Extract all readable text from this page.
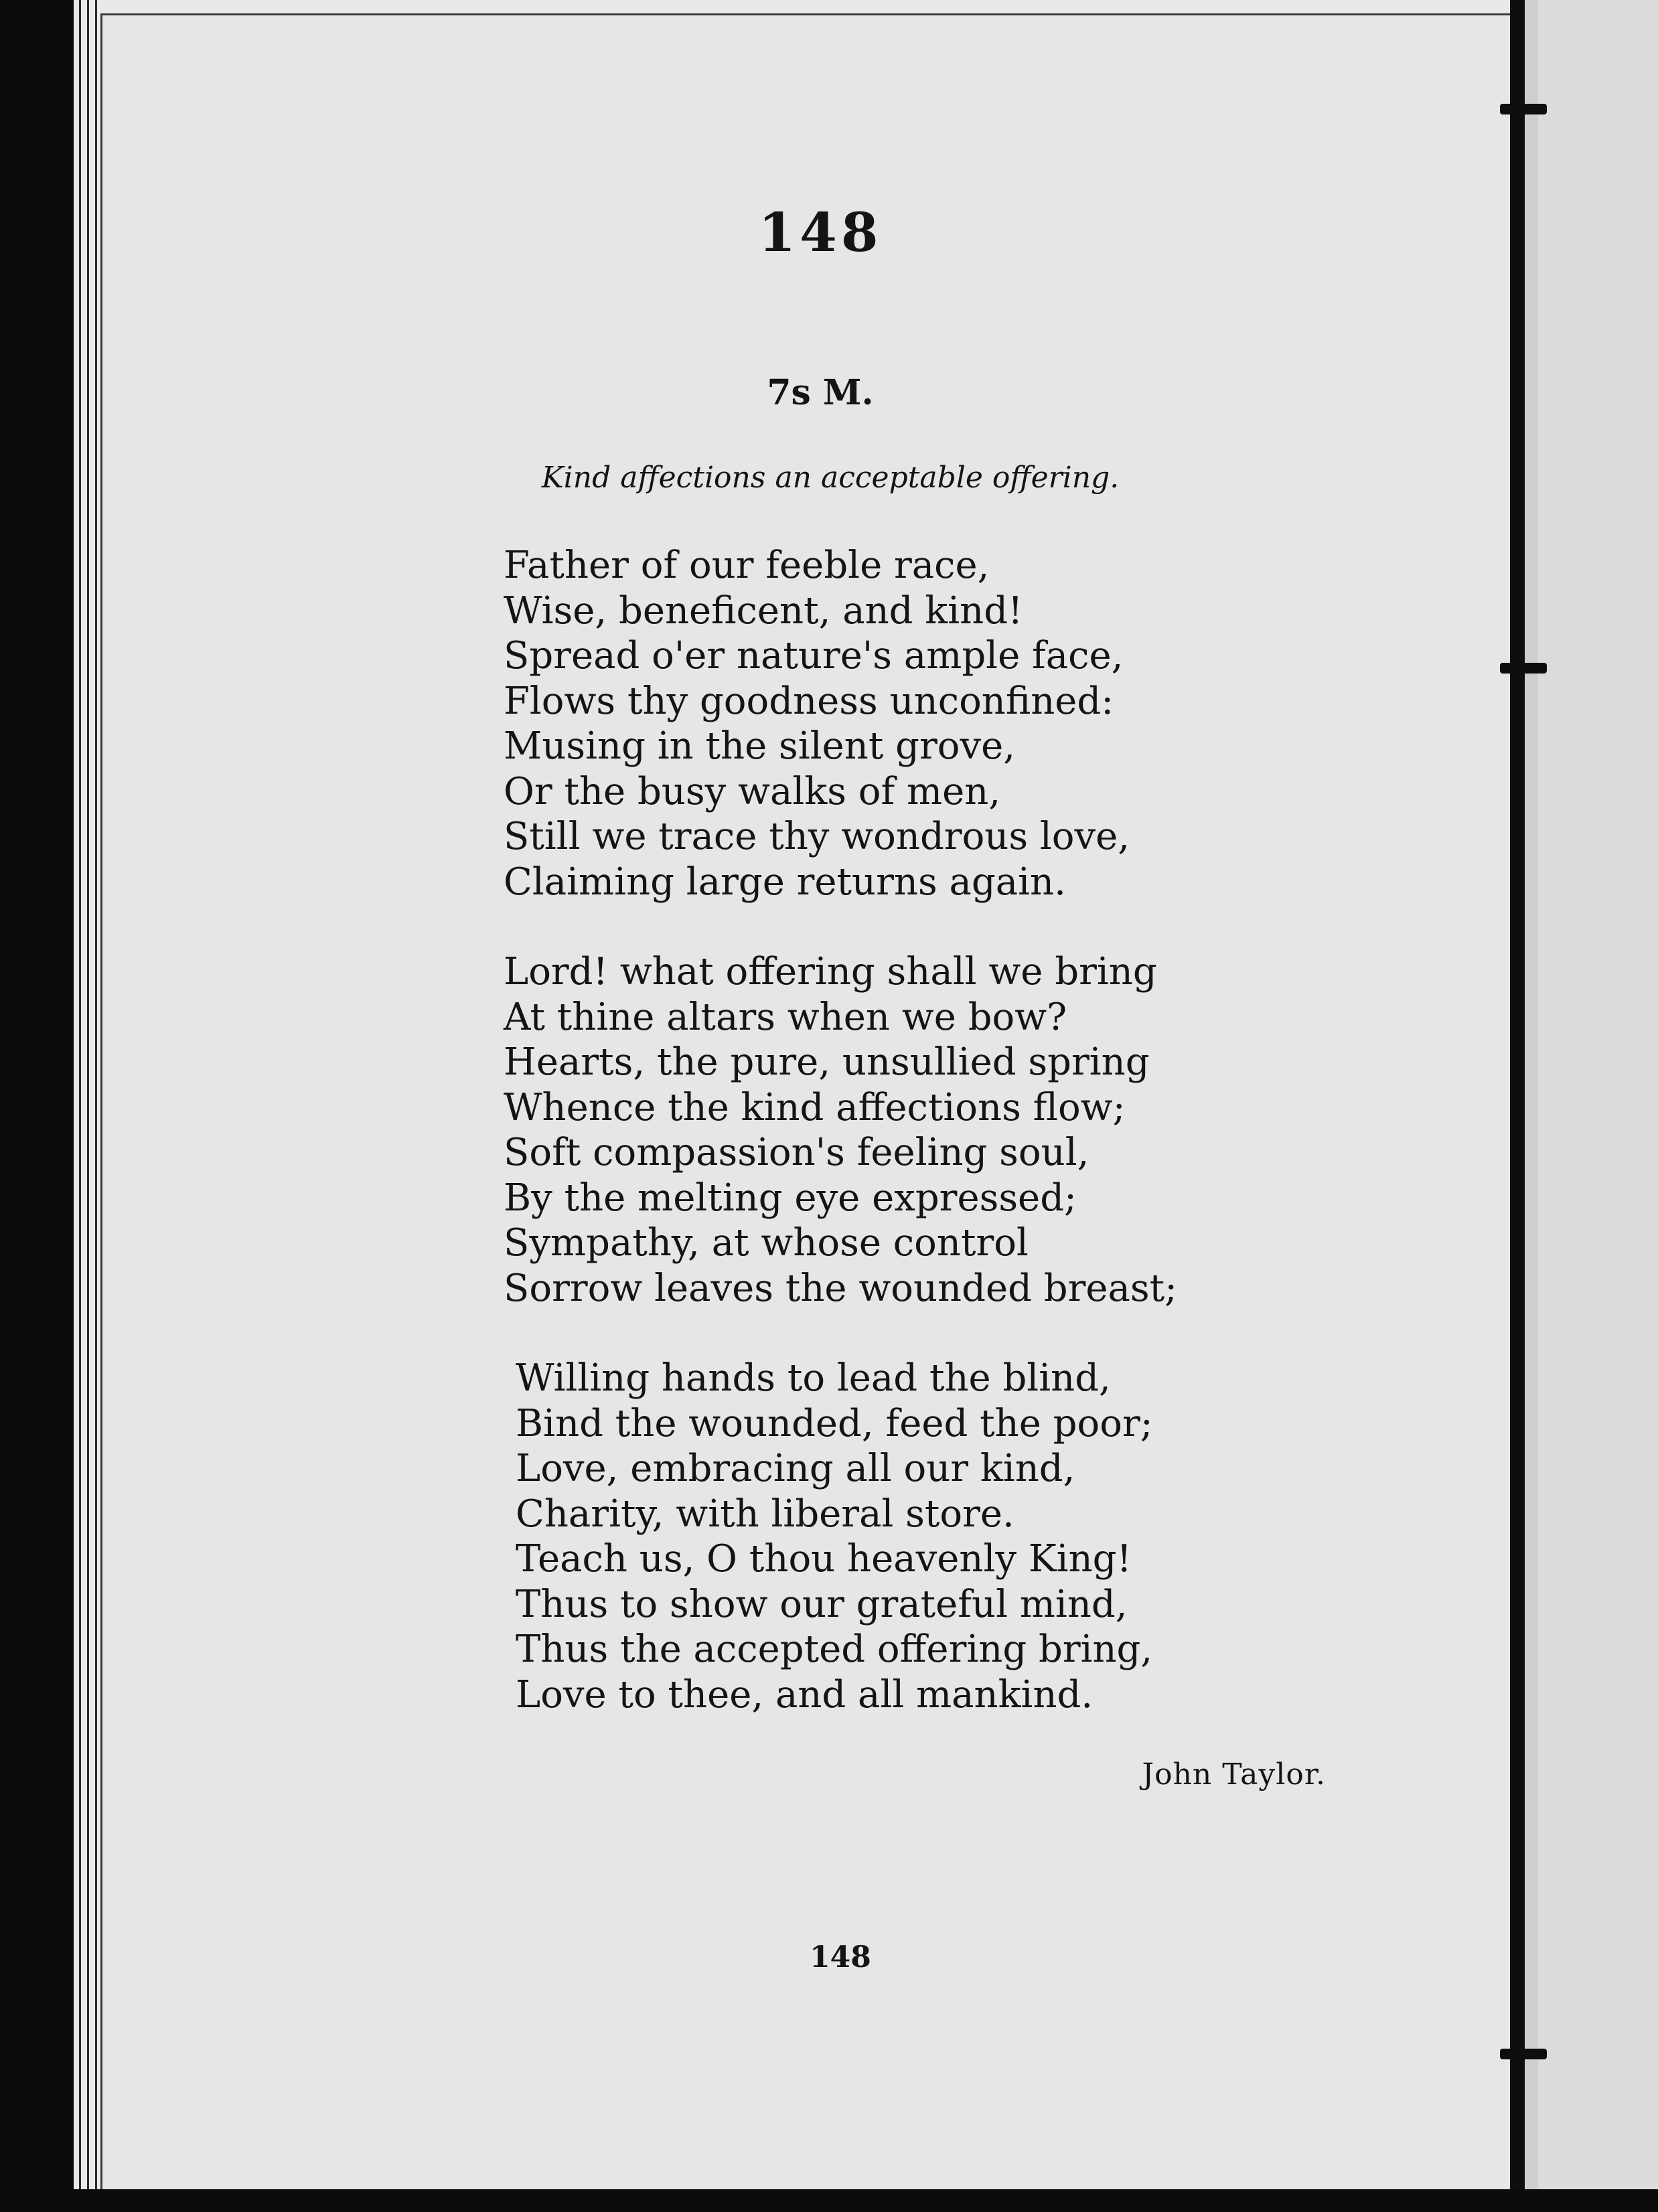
148
7s M.
Kind affections an acceptable offering.
Father of our feeble race,
Wise, beneficent, and kind!
Spread o'er nature's ample face,
Flows thy goodness unconfined:
Musing in the silent grove,
Or the busy walks of men,
Still we trace thy wondrous love,
Claiming large returns again.
Lord! what offering shall we bring
At thine altars when we bow?
Hearts, the pure, unsullied spring
Whence the kind affections flow;
Soft compassion's feeling soul,
By the melting eye expressed;
Sympathy, at whose control
Sorrow leaves the wounded breast;
Willing hands to lead the blind,
Bind the wounded, feed the poor;
Love, embracing all our kind,
Charity, with liberal store.
Teach us, O thou heavenly King!
Thus to show our grateful mind,
Thus the accepted offering bring,
Love to thee, and all mankind.
John Taylor.
148
